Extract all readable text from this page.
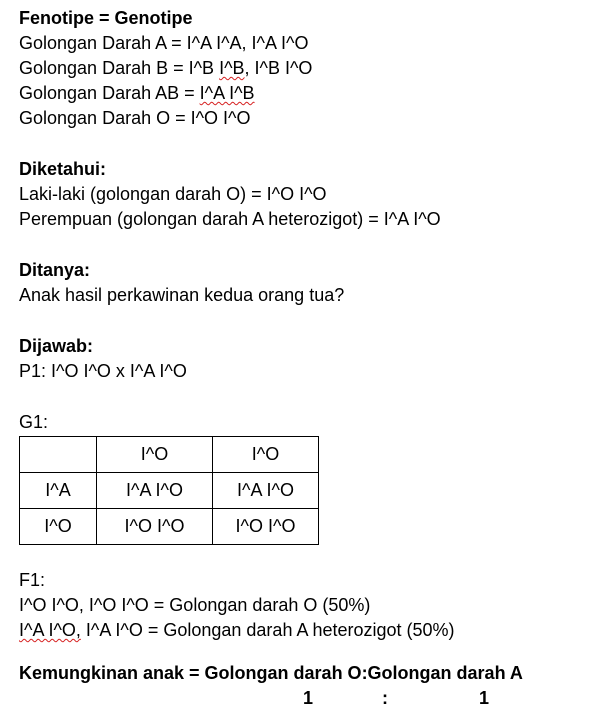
Fenotipe = Genotipe
Golongan Darah A = I^A I^A, I^A I^O
Golongan Darah B = I^B I^B, I^B I^O
Golongan Darah AB = I^A I^B
Golongan Darah O = I^O I^O
Diketahui:
Laki-laki (golongan darah O) = I^O I^O
Perempuan (golongan darah A heterozigot) = I^A I^O
Ditanya:
Anak hasil perkawinan kedua orang tua?
Dijawab:
P1: I^O I^O x I^A I^O
G1:
	I^O	I^O
I^A	I^A I^O	I^A I^O
I^O	I^O I^O	I^O I^O
F1:
I^O I^O, I^O I^O = Golongan darah O (50%)
I^A I^O, I^A I^O = Golongan darah A heterozigot (50%)
Kemungkinan anak = Golongan darah O:Golongan darah A
1	:	1
